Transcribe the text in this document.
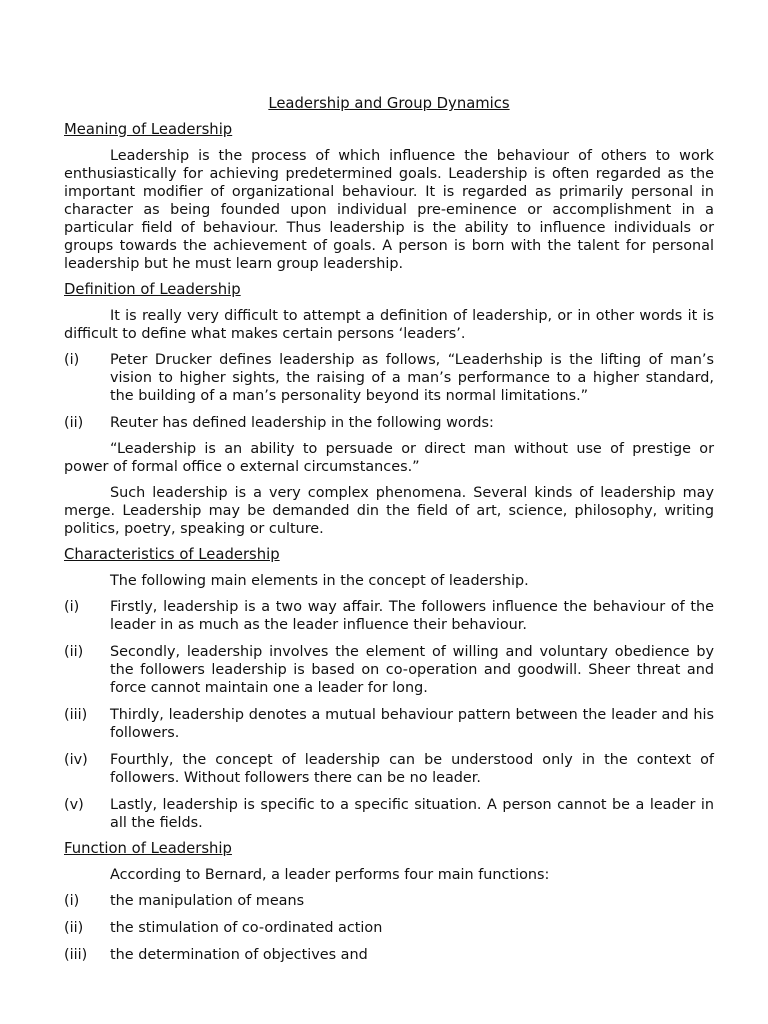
Leadership and Group Dynamics
Meaning of Leadership

Leadership is the process of which influence the behaviour of others to work enthusiastically for achieving predetermined goals. Leadership is often regarded as the important modifier of organizational behaviour. It is regarded as primarily personal in character as being founded upon individual pre-eminence or accomplishment in a particular field of behaviour. Thus leadership is the ability to influence individuals or groups towards the achievement of goals. A person is born with the talent for personal leadership but he must learn group leadership.

Definition of Leadership

It is really very difficult to attempt a definition of leadership, or in other words it is difficult to define what makes certain persons ‘leaders’.

(i)	Peter Drucker defines leadership as follows, “Leaderhship is the lifting of man’s vision to higher sights, the raising of a man’s performance to a higher standard, the building of a man’s personality beyond its normal limitations.”
(ii)	Reuter has defined leadership in the following words:

“Leadership is an ability to persuade or direct man without use of prestige or power of formal office o external circumstances.”

Such leadership is a very complex phenomena. Several kinds of leadership may merge. Leadership may be demanded din the field of art, science, philosophy, writing politics, poetry, speaking or culture.

Characteristics of Leadership

The following main elements in the concept of leadership.

(i)	Firstly, leadership is a two way affair. The followers influence the behaviour of the leader in as much as the leader influence their behaviour.
(ii)	Secondly, leadership involves the element of willing and voluntary obedience by the followers leadership is based on co-operation and goodwill. Sheer threat and force cannot maintain one a leader for long.
(iii)	Thirdly, leadership denotes a mutual behaviour pattern between the leader and his followers.
(iv)	Fourthly, the concept of leadership can be understood only in the context of followers. Without followers there can be no leader.
(v)	Lastly, leadership is specific to a specific situation. A person cannot be a leader in all the fields.
Function of Leadership

According to Bernard, a leader performs four main functions:

(i)	the manipulation of means
(ii)	the stimulation of co-ordinated action
(iii)	the determination of objectives and
